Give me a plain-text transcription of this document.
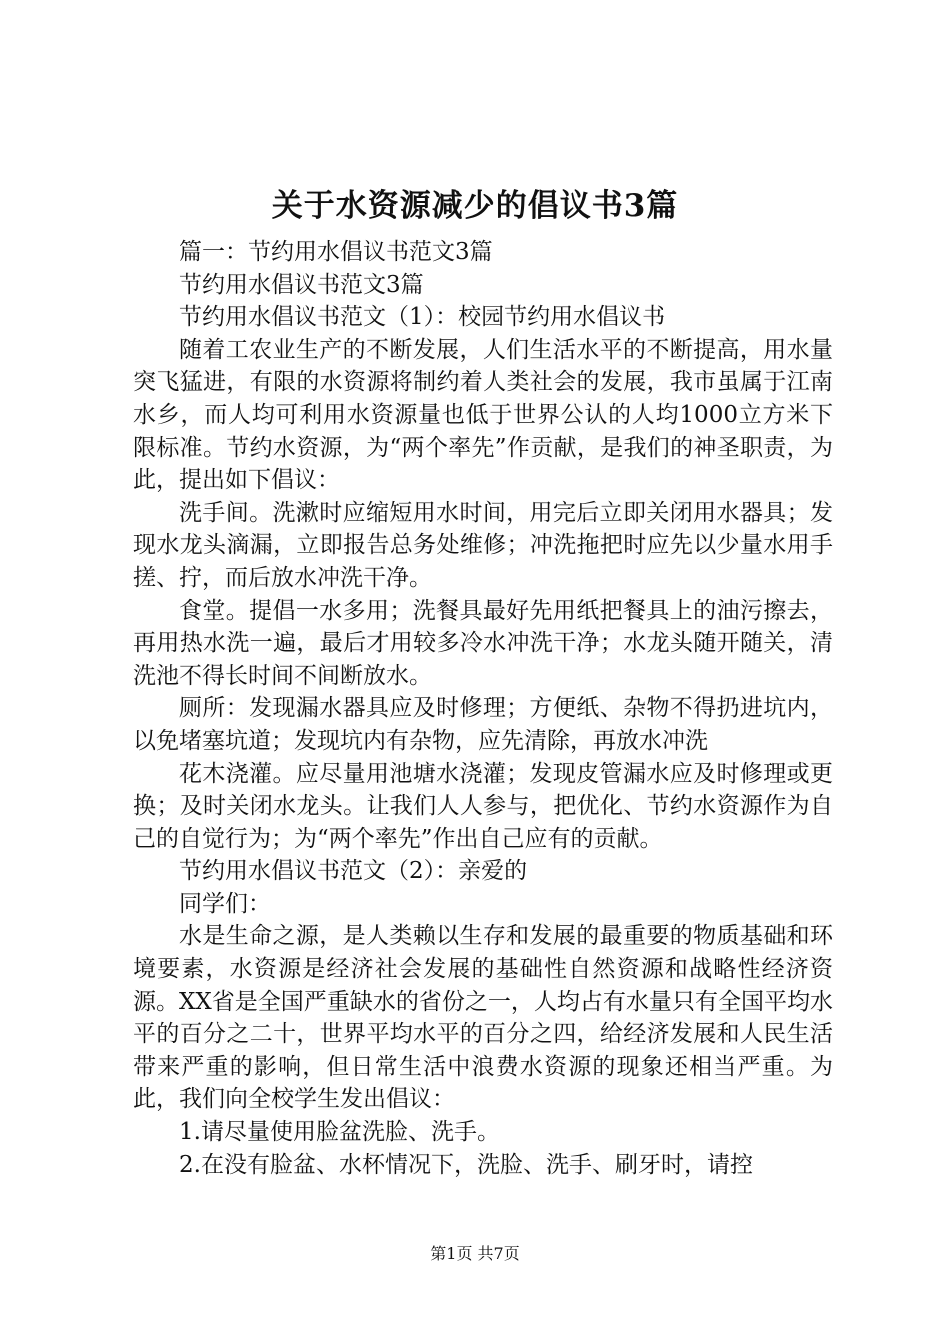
关于水资源减少的倡议书3篇

篇一：节约用水倡议书范文3篇

节约用水倡议书范文3篇

节约用水倡议书范文（1）：校园节约用水倡议书

随着工农业生产的不断发展，人们生活水平的不断提高，用水量突飞猛进，有限的水资源将制约着人类社会的发展，我市虽属于江南水乡，而人均可利用水资源量也低于世界公认的人均1000立方米下限标准。节约水资源，为“两个率先”作贡献，是我们的神圣职责，为此，提出如下倡议：

洗手间。洗漱时应缩短用水时间，用完后立即关闭用水器具；发现水龙头滴漏，立即报告总务处维修；冲洗拖把时应先以少量水用手搓、拧，而后放水冲洗干净。

食堂。提倡一水多用；洗餐具最好先用纸把餐具上的油污擦去，再用热水洗一遍，最后才用较多冷水冲洗干净；水龙头随开随关，清洗池不得长时间不间断放水。

厕所：发现漏水器具应及时修理；方便纸、杂物不得扔进坑内，以免堵塞坑道；发现坑内有杂物，应先清除，再放水冲洗

花木浇灌。应尽量用池塘水浇灌；发现皮管漏水应及时修理或更换；及时关闭水龙头。让我们人人参与，把优化、节约水资源作为自己的自觉行为；为“两个率先”作出自己应有的贡献。

节约用水倡议书范文（2）：亲爱的

同学们：

水是生命之源，是人类赖以生存和发展的最重要的物质基础和环境要素，水资源是经济社会发展的基础性自然资源和战略性经济资源。XX省是全国严重缺水的省份之一，人均占有水量只有全国平均水平的百分之二十，世界平均水平的百分之四，给经济发展和人民生活带来严重的影响，但日常生活中浪费水资源的现象还相当严重。为此，我们向全校学生发出倡议：

1.请尽量使用脸盆洗脸、洗手。

2.在没有脸盆、水杯情况下，洗脸、洗手、刷牙时，请控

第1页 共7页
